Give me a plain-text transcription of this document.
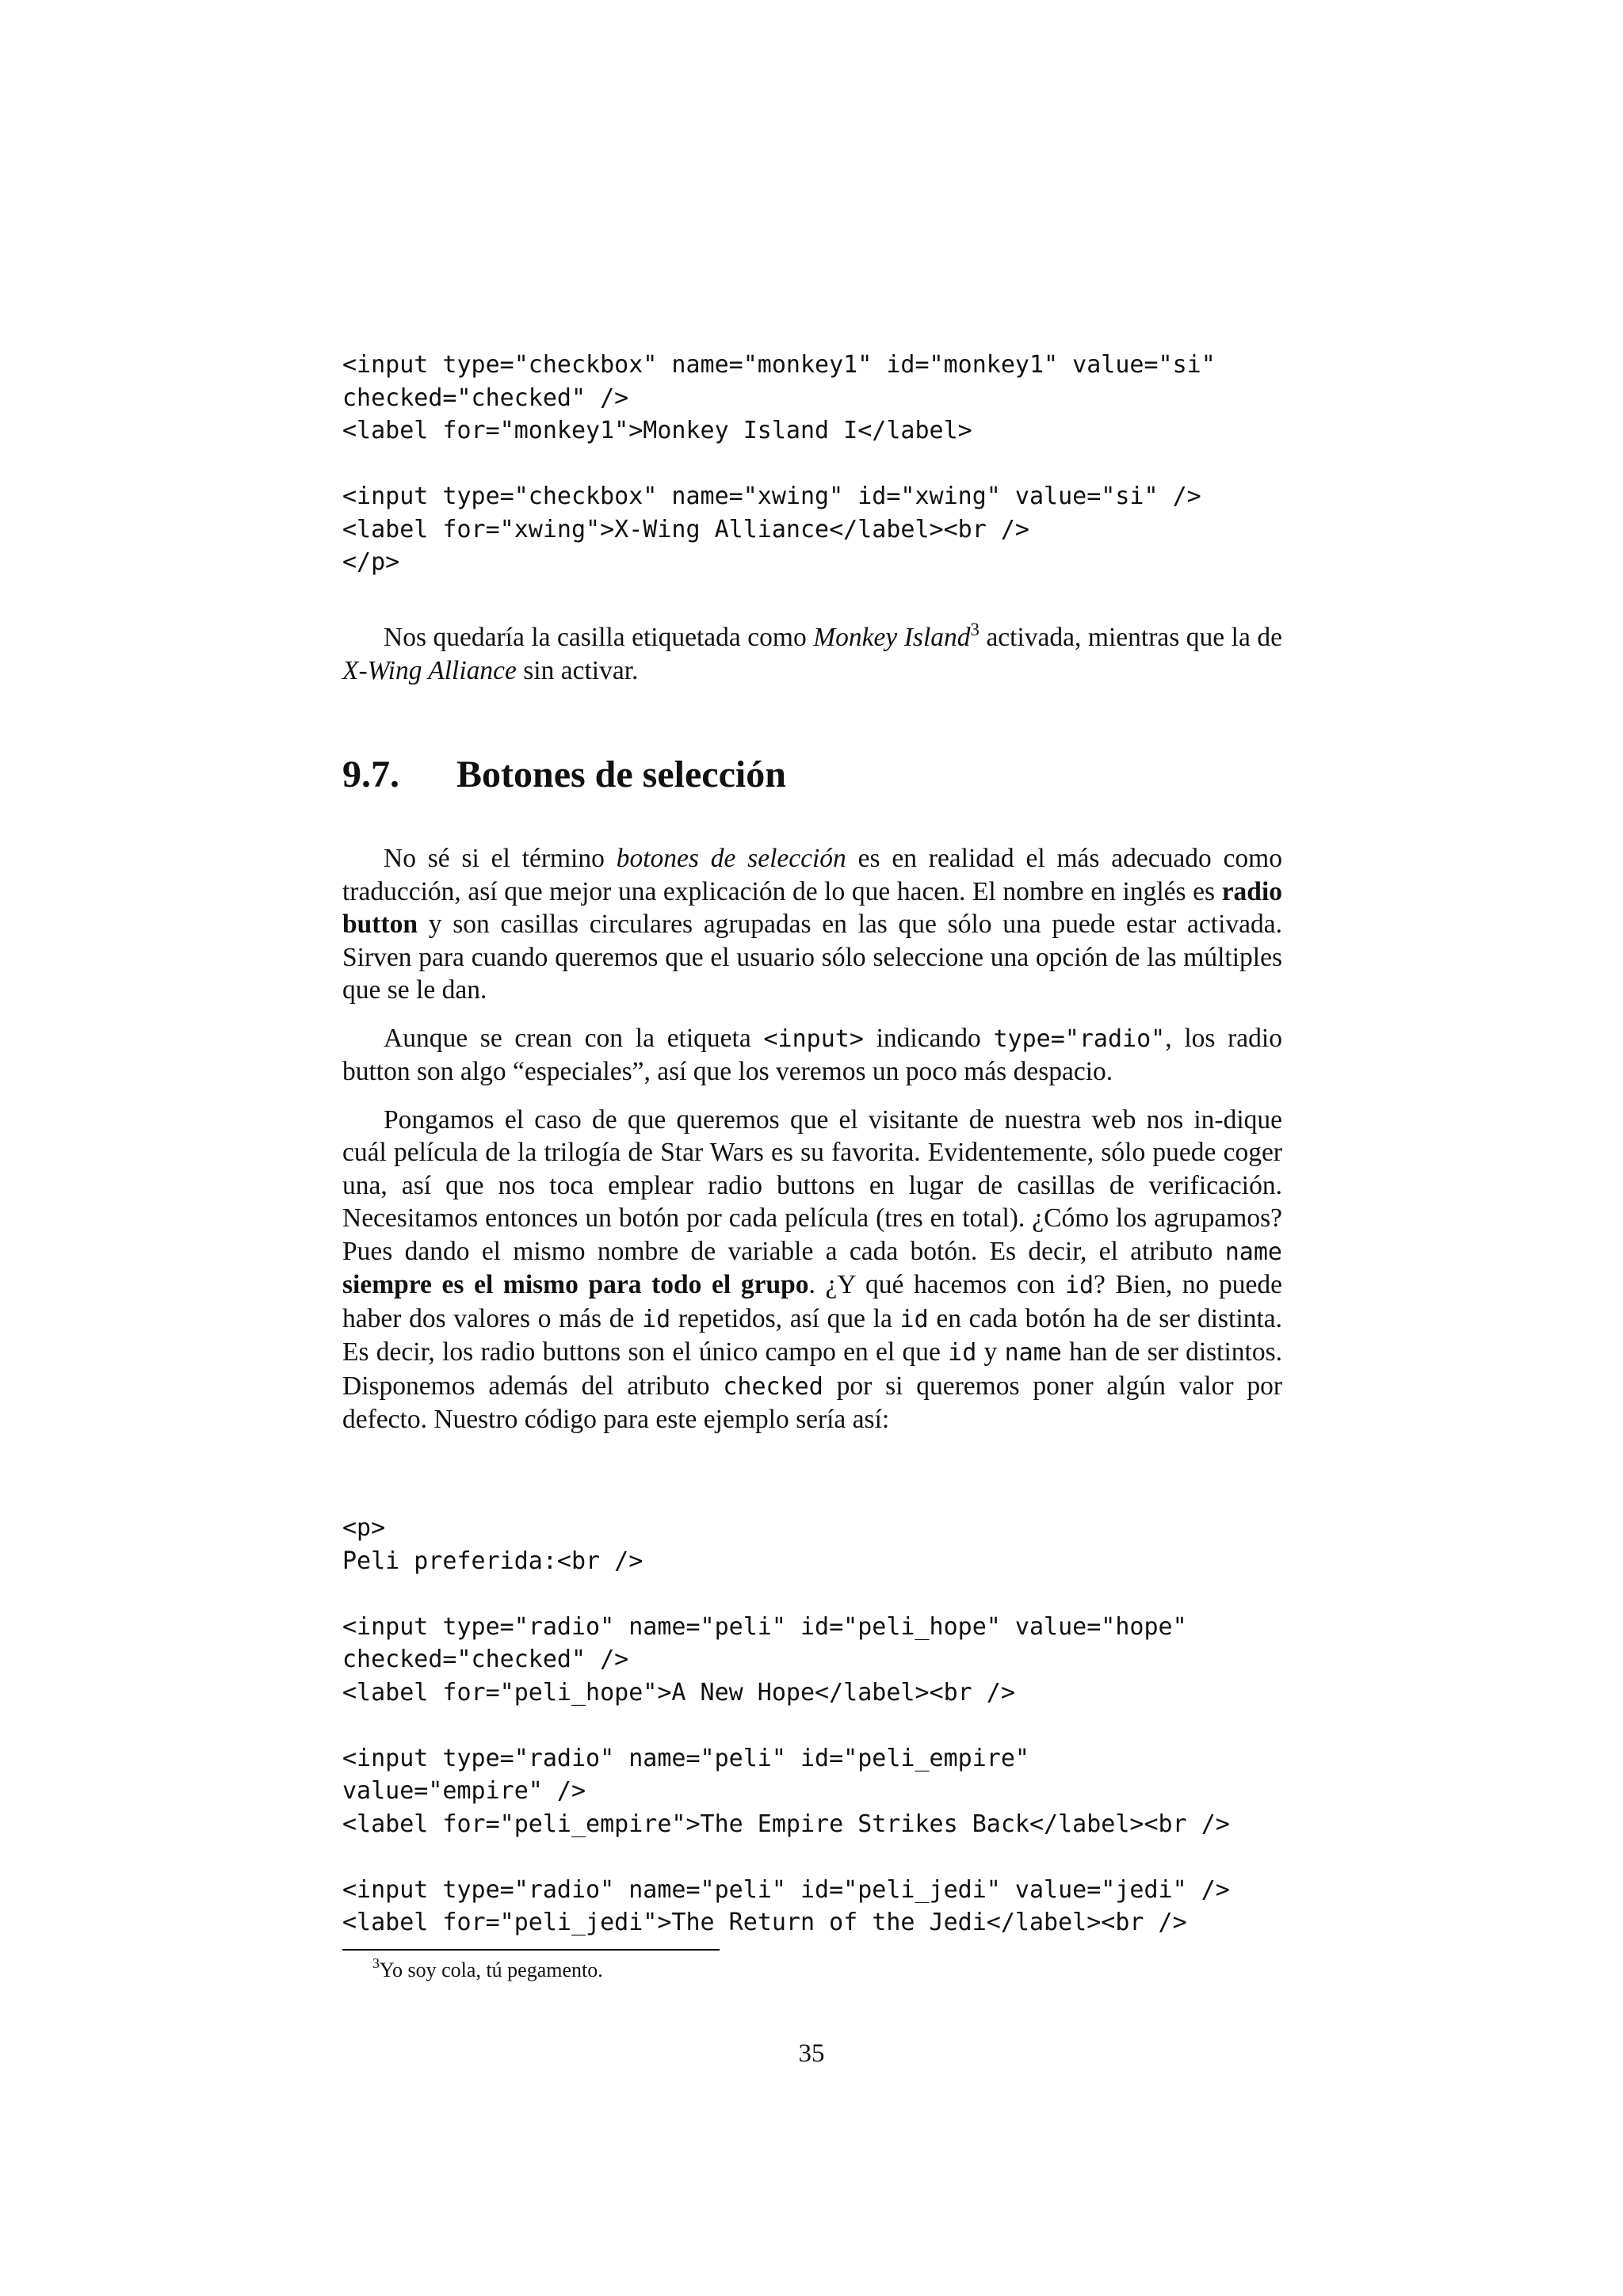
<input type="checkbox" name="monkey1" id="monkey1" value="si"
checked="checked" />
<label for="monkey1">Monkey Island I</label>

<input type="checkbox" name="xwing" id="xwing" value="si" />
<label for="xwing">X-Wing Alliance</label><br />
</p>

Nos quedaría la casilla etiquetada como Monkey Island$^3$ activada, mientras que la de X-Wing Alliance sin activar.

9.7. Botones de selección

No sé si el término botones de selección es en realidad el más adecuado como traducción, así que mejor una explicación de lo que hacen. El nombre en inglés es radio button y son casillas circulares agrupadas en las que sólo una puede estar activada. Sirven para cuando queremos que el usuario sólo seleccione una opción de las múltiples que se le dan.

Aunque se crean con la etiqueta <input> indicando type="radio", los radio button son algo “especiales”, así que los veremos un poco más despacio.

Pongamos el caso de que queremos que el visitante de nuestra web nos in-dique cuál película de la trilogía de Star Wars es su favorita. Evidentemente, sólo puede coger una, así que nos toca emplear radio buttons en lugar de casillas de verificación. Necesitamos entonces un botón por cada película (tres en total). ¿Cómo los agrupamos? Pues dando el mismo nombre de variable a cada botón. Es decir, el atributo name siempre es el mismo para todo el grupo. ¿Y qué hacemos con id? Bien, no puede haber dos valores o más de id repetidos, así que la id en cada botón ha de ser distinta. Es decir, los radio buttons son el único campo en el que id y name han de ser distintos. Disponemos además del atributo checked por si queremos poner algún valor por defecto. Nuestro código para este ejemplo sería así:

<p>
Peli preferida:<br />

<input type="radio" name="peli" id="peli_hope" value="hope"
checked="checked" />
<label for="peli_hope">A New Hope</label><br />

<input type="radio" name="peli" id="peli_empire"
value="empire" />
<label for="peli_empire">The Empire Strikes Back</label><br />

<input type="radio" name="peli" id="peli_jedi" value="jedi" />
<label for="peli_jedi">The Return of the Jedi</label><br />

$^3$Yo soy cola, tú pegamento.

35
